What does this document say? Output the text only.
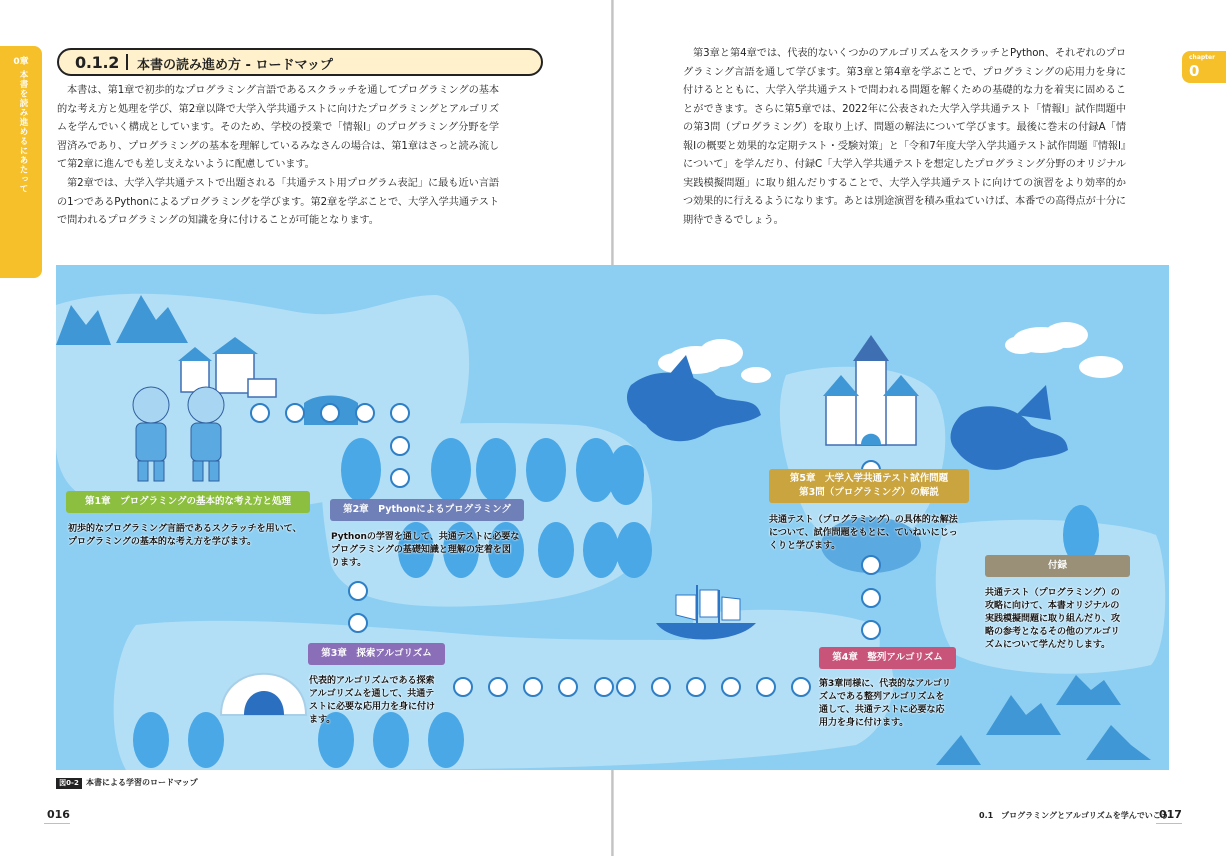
0章
本書を読み進めるにあたって
chapter
0
0.1.2 本書の読み進め方 - ロードマップ
本書は、第1章で初歩的なプログラミング言語であるスクラッチを通してプログラミングの基本的な考え方と処理を学び、第2章以降で大学入学共通テストに向けたプログラミングとアルゴリズムを学んでいく構成としています。そのため、学校の授業で「情報Ⅰ」のプログラミング分野を学習済みであり、プログラミングの基本を理解しているみなさんの場合は、第1章はさっと読み流して第2章に進んでも差し支えないように配慮しています。
第2章では、大学入学共通テストで出題される「共通テスト用プログラム表記」に最も近い言語の1つであるPythonによるプログラミングを学びます。第2章を学ぶことで、大学入学共通テストで問われるプログラミングの知識を身に付けることが可能となります。
第3章と第4章では、代表的ないくつかのアルゴリズムをスクラッチとPython、それぞれのプログラミング言語を通して学びます。第3章と第4章を学ぶことで、プログラミングの応用力を身に付けるとともに、大学入学共通テストで問われる問題を解くための基礎的な力を着実に固めることができます。さらに第5章では、2022年に公表された大学入学共通テスト「情報Ⅰ」試作問題中の第3問（プログラミング）を取り上げ、問題の解法について学びます。最後に巻末の付録A「情報Ⅰの概要と効果的な定期テスト・受験対策」と「令和7年度大学入学共通テスト試作問題『情報Ⅰ』について」を学んだり、付録C「大学入学共通テストを想定したプログラミング分野のオリジナル実践模擬問題」に取り組んだりすることで、大学入学共通テストに向けての演習をより効率的かつ効果的に行えるようになります。あとは別途演習を積み重ねていけば、本番での高得点が十分に期待できるでしょう。
第1章　プログラミングの基本的な考え方と処理
初歩的なプログラミング言語であるスクラッチを用いて、
プログラミングの基本的な考え方を学びます。
第2章　Pythonによるプログラミング
Pythonの学習を通して、共通テストに必要な
プログラミングの基礎知識と理解の定着を図
ります。
第3章　探索アルゴリズム
代表的アルゴリズムである探索
アルゴリズムを通して、共通テ
ストに必要な応用力を身に付け
ます。
第4章　整列アルゴリズム
第3章同様に、代表的なアルゴリ
ズムである整列アルゴリズムを
通して、共通テストに必要な応
用力を身に付けます。
第5章　大学入学共通テスト試作問題
第3問（プログラミング）の解説
共通テスト（プログラミング）の具体的な解法
について、試作問題をもとに、ていねいにじっ
くりと学びます。
付録
共通テスト（プログラミング）の
攻略に向けて、本書オリジナルの
実践模擬問題に取り組んだり、攻
略の参考となるその他のアルゴリ
ズムについて学んだりします。
図0-2 本書による学習のロードマップ
016	0.1　プログラミングとアルゴリズムを学んでいこう
017
